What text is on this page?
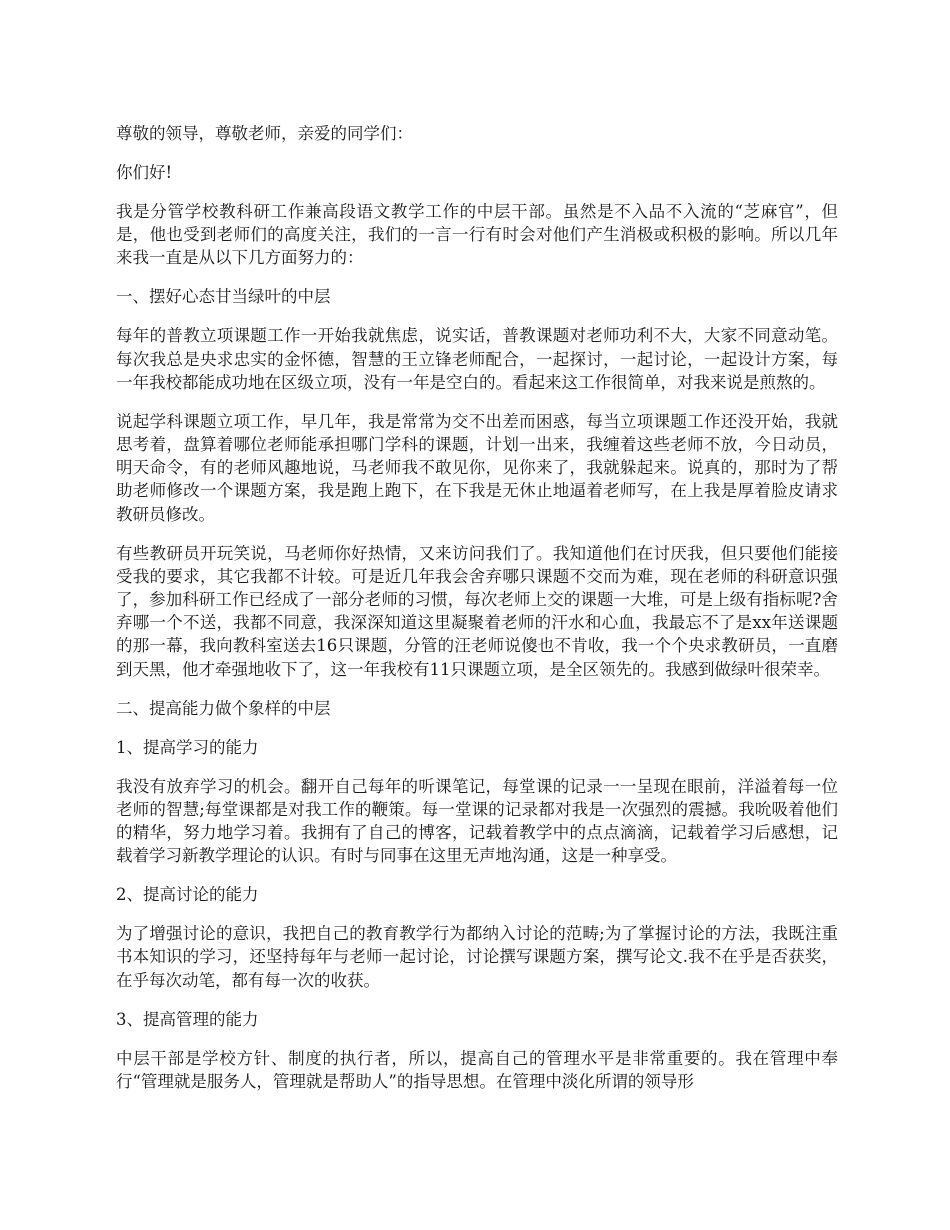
尊敬的领导，尊敬老师，亲爱的同学们：

你们好!

我是分管学校教科研工作兼高段语文教学工作的中层干部。虽然是不入品不入流的“芝麻官”，但是，他也受到老师们的高度关注，我们的一言一行有时会对他们产生消极或积极的影响。所以几年来我一直是从以下几方面努力的：

一、摆好心态甘当绿叶的中层

每年的普教立项课题工作一开始我就焦虑，说实话，普教课题对老师功利不大，大家不同意动笔。每次我总是央求忠实的金怀德，智慧的王立锋老师配合，一起探讨，一起讨论，一起设计方案，每一年我校都能成功地在区级立项，没有一年是空白的。看起来这工作很简单，对我来说是煎熬的。

说起学科课题立项工作，早几年，我是常常为交不出差而困惑，每当立项课题工作还没开始，我就思考着，盘算着哪位老师能承担哪门学科的课题，计划一出来，我缠着这些老师不放，今日动员，明天命令，有的老师风趣地说，马老师我不敢见你，见你来了，我就躲起来。说真的，那时为了帮助老师修改一个课题方案，我是跑上跑下，在下我是无休止地逼着老师写，在上我是厚着脸皮请求教研员修改。

有些教研员开玩笑说，马老师你好热情，又来访问我们了。我知道他们在讨厌我，但只要他们能接受我的要求，其它我都不计较。可是近几年我会舍弃哪只课题不交而为难，现在老师的科研意识强了，参加科研工作已经成了一部分老师的习惯，每次老师上交的课题一大堆，可是上级有指标呢?舍弃哪一个不送，我都不同意，我深深知道这里凝聚着老师的汗水和心血，我最忘不了是xx年送课题的那一幕，我向教科室送去16只课题，分管的汪老师说傻也不肯收，我一个个央求教研员，一直磨到天黑，他才牵强地收下了，这一年我校有11只课题立项，是全区领先的。我感到做绿叶很荣幸。

二、提高能力做个象样的中层

1、提高学习的能力

我没有放弃学习的机会。翻开自己每年的听课笔记，每堂课的记录一一呈现在眼前，洋溢着每一位老师的智慧;每堂课都是对我工作的鞭策。每一堂课的记录都对我是一次强烈的震撼。我吮吸着他们的精华，努力地学习着。我拥有了自己的博客，记载着教学中的点点滴滴，记载着学习后感想，记载着学习新教学理论的认识。有时与同事在这里无声地沟通，这是一种享受。

2、提高讨论的能力

为了增强讨论的意识，我把自己的教育教学行为都纳入讨论的范畴;为了掌握讨论的方法，我既注重书本知识的学习，还坚持每年与老师一起讨论，讨论撰写课题方案，撰写论文.我不在乎是否获奖，在乎每次动笔，都有每一次的收获。

3、提高管理的能力

中层干部是学校方针、制度的执行者，所以，提高自己的管理水平是非常重要的。我在管理中奉行“管理就是服务人，管理就是帮助人”的指导思想。在管理中淡化所谓的领导形
